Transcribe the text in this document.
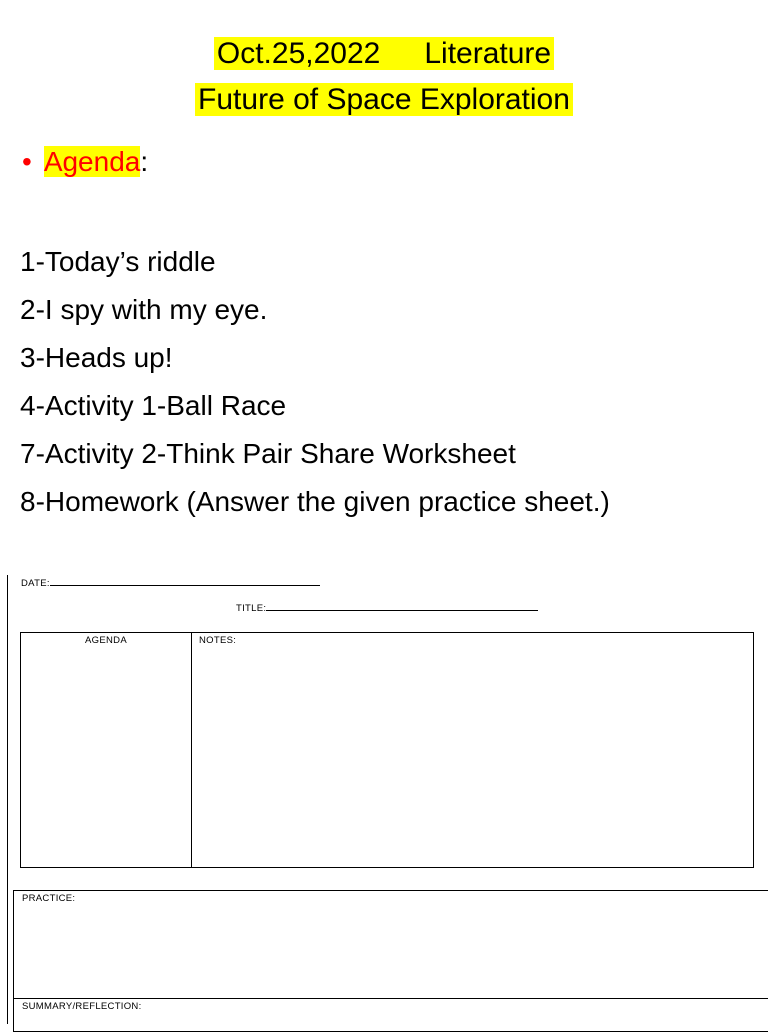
Oct.25,2022 Literature
Future of Space Exploration
• Agenda:
1-Today’s riddle
2-I spy with my eye.
3-Heads up!
4-Activity 1-Ball Race
7-Activity 2-Think Pair Share Worksheet
8-Homework (Answer the given practice sheet.)
DATE:
TITLE:
AGENDA	NOTES:
PRACTICE:
SUMMARY/REFLECTION:
